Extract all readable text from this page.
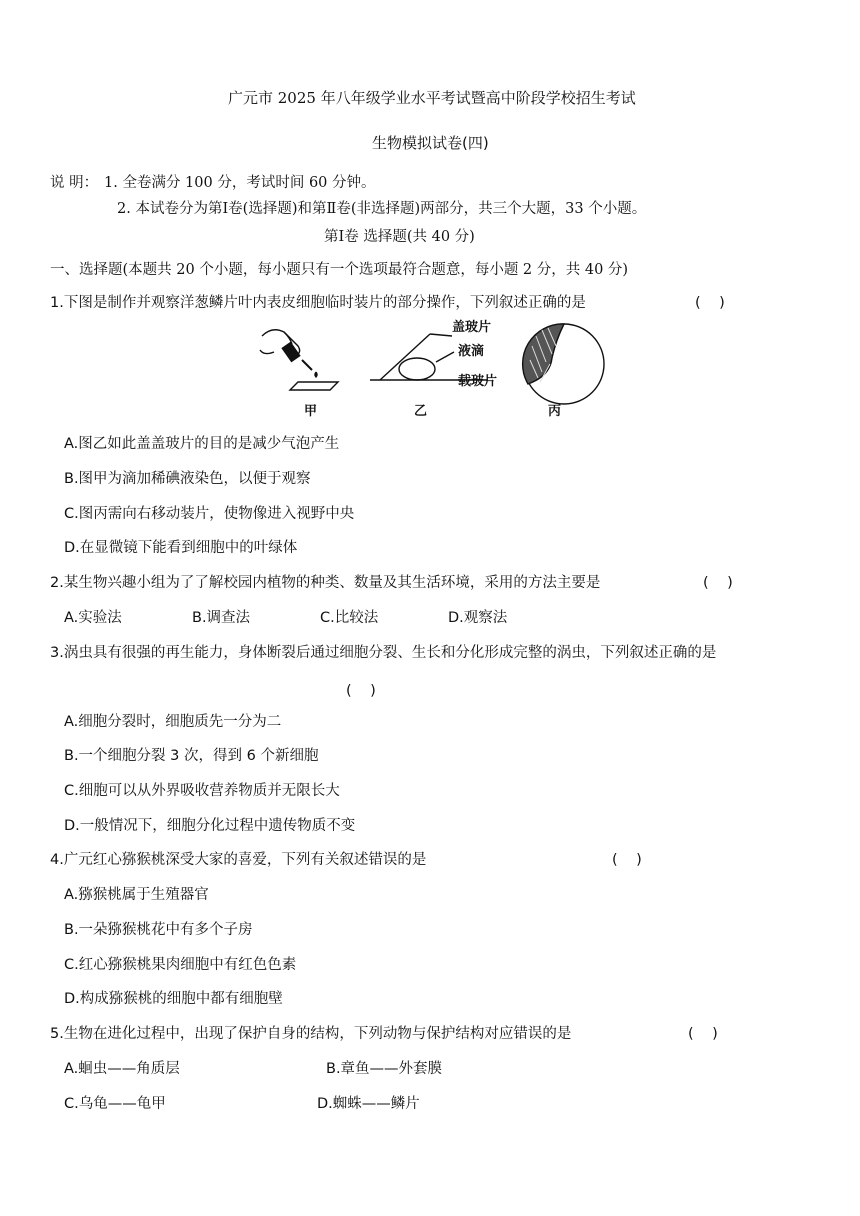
广元市 2025 年八年级学业水平考试暨高中阶段学校招生考试
生物模拟试卷(四)
说 明： 1. 全卷满分 100 分，考试时间 60 分钟。
2. 本试卷分为第Ⅰ卷(选择题)和第Ⅱ卷(非选择题)两部分，共三个大题，33 个小题。
第Ⅰ卷 选择题(共 40 分)
一、选择题(本题共 20 个小题，每小题只有一个选项最符合题意，每小题 2 分，共 40 分)
1.下图是制作并观察洋葱鳞片叶内表皮细胞临时装片的部分操作，下列叙述正确的是	(    )
盖玻片
液滴
载玻片
甲	乙	丙
A.图乙如此盖盖玻片的目的是减少气泡产生
B.图甲为滴加稀碘液染色，以便于观察
C.图丙需向右移动装片，使物像进入视野中央
D.在显微镜下能看到细胞中的叶绿体
2.某生物兴趣小组为了了解校园内植物的种类、数量及其生活环境，采用的方法主要是	(    )
A.实验法	B.调查法	C.比较法	D.观察法
3.涡虫具有很强的再生能力，身体断裂后通过细胞分裂、生长和分化形成完整的涡虫，下列叙述正确的是
(    )
A.细胞分裂时，细胞质先一分为二
B.一个细胞分裂 3 次，得到 6 个新细胞
C.细胞可以从外界吸收营养物质并无限长大
D.一般情况下，细胞分化过程中遗传物质不变
4.广元红心猕猴桃深受大家的喜爱，下列有关叙述错误的是	(    )
A.猕猴桃属于生殖器官
B.一朵猕猴桃花中有多个子房
C.红心猕猴桃果肉细胞中有红色色素
D.构成猕猴桃的细胞中都有细胞壁
5.生物在进化过程中，出现了保护自身的结构，下列动物与保护结构对应错误的是	(    )
A.蛔虫——角质层	B.章鱼——外套膜
C.乌龟——龟甲	D.蜘蛛——鳞片
